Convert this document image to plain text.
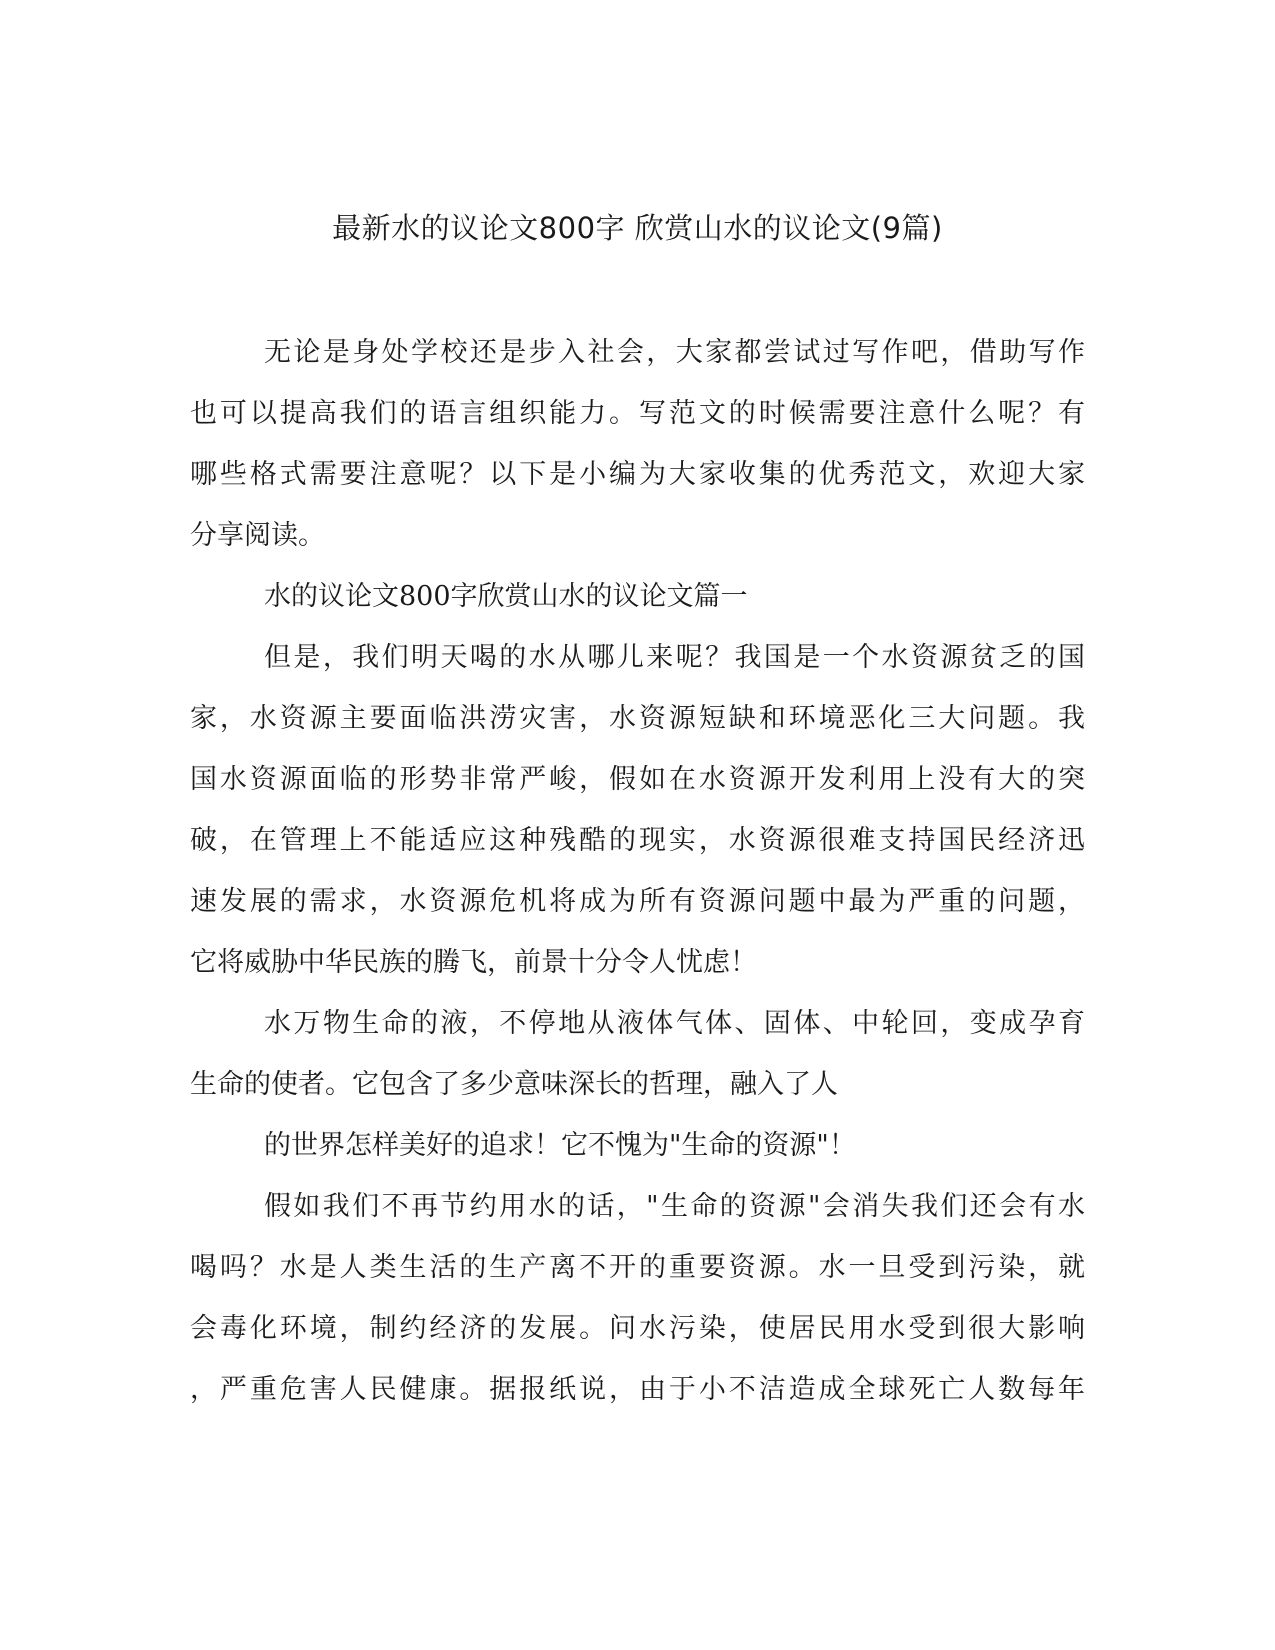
最新水的议论文800字 欣赏山水的议论文(9篇)
无论是身处学校还是步入社会，大家都尝试过写作吧，借助写作
也可以提高我们的语言组织能力。写范文的时候需要注意什么呢？有
哪些格式需要注意呢？以下是小编为大家收集的优秀范文，欢迎大家
分享阅读。
水的议论文800字欣赏山水的议论文篇一
但是，我们明天喝的水从哪儿来呢？我国是一个水资源贫乏的国
家，水资源主要面临洪涝灾害，水资源短缺和环境恶化三大问题。我
国水资源面临的形势非常严峻，假如在水资源开发利用上没有大的突
破，在管理上不能适应这种残酷的现实，水资源很难支持国民经济迅
速发展的需求，水资源危机将成为所有资源问题中最为严重的问题，
它将威胁中华民族的腾飞，前景十分令人忧虑！
水万物生命的液，不停地从液体气体、固体、中轮回，变成孕育
生命的使者。它包含了多少意味深长的哲理，融入了人
的世界怎样美好的追求！它不愧为"生命的资源"！
假如我们不再节约用水的话，"生命的资源"会消失我们还会有水
喝吗？水是人类生活的生产离不开的重要资源。水一旦受到污染，就
会毒化环境，制约经济的发展。问水污染，使居民用水受到很大影响
，严重危害人民健康。据报纸说，由于小不洁造成全球死亡人数每年
